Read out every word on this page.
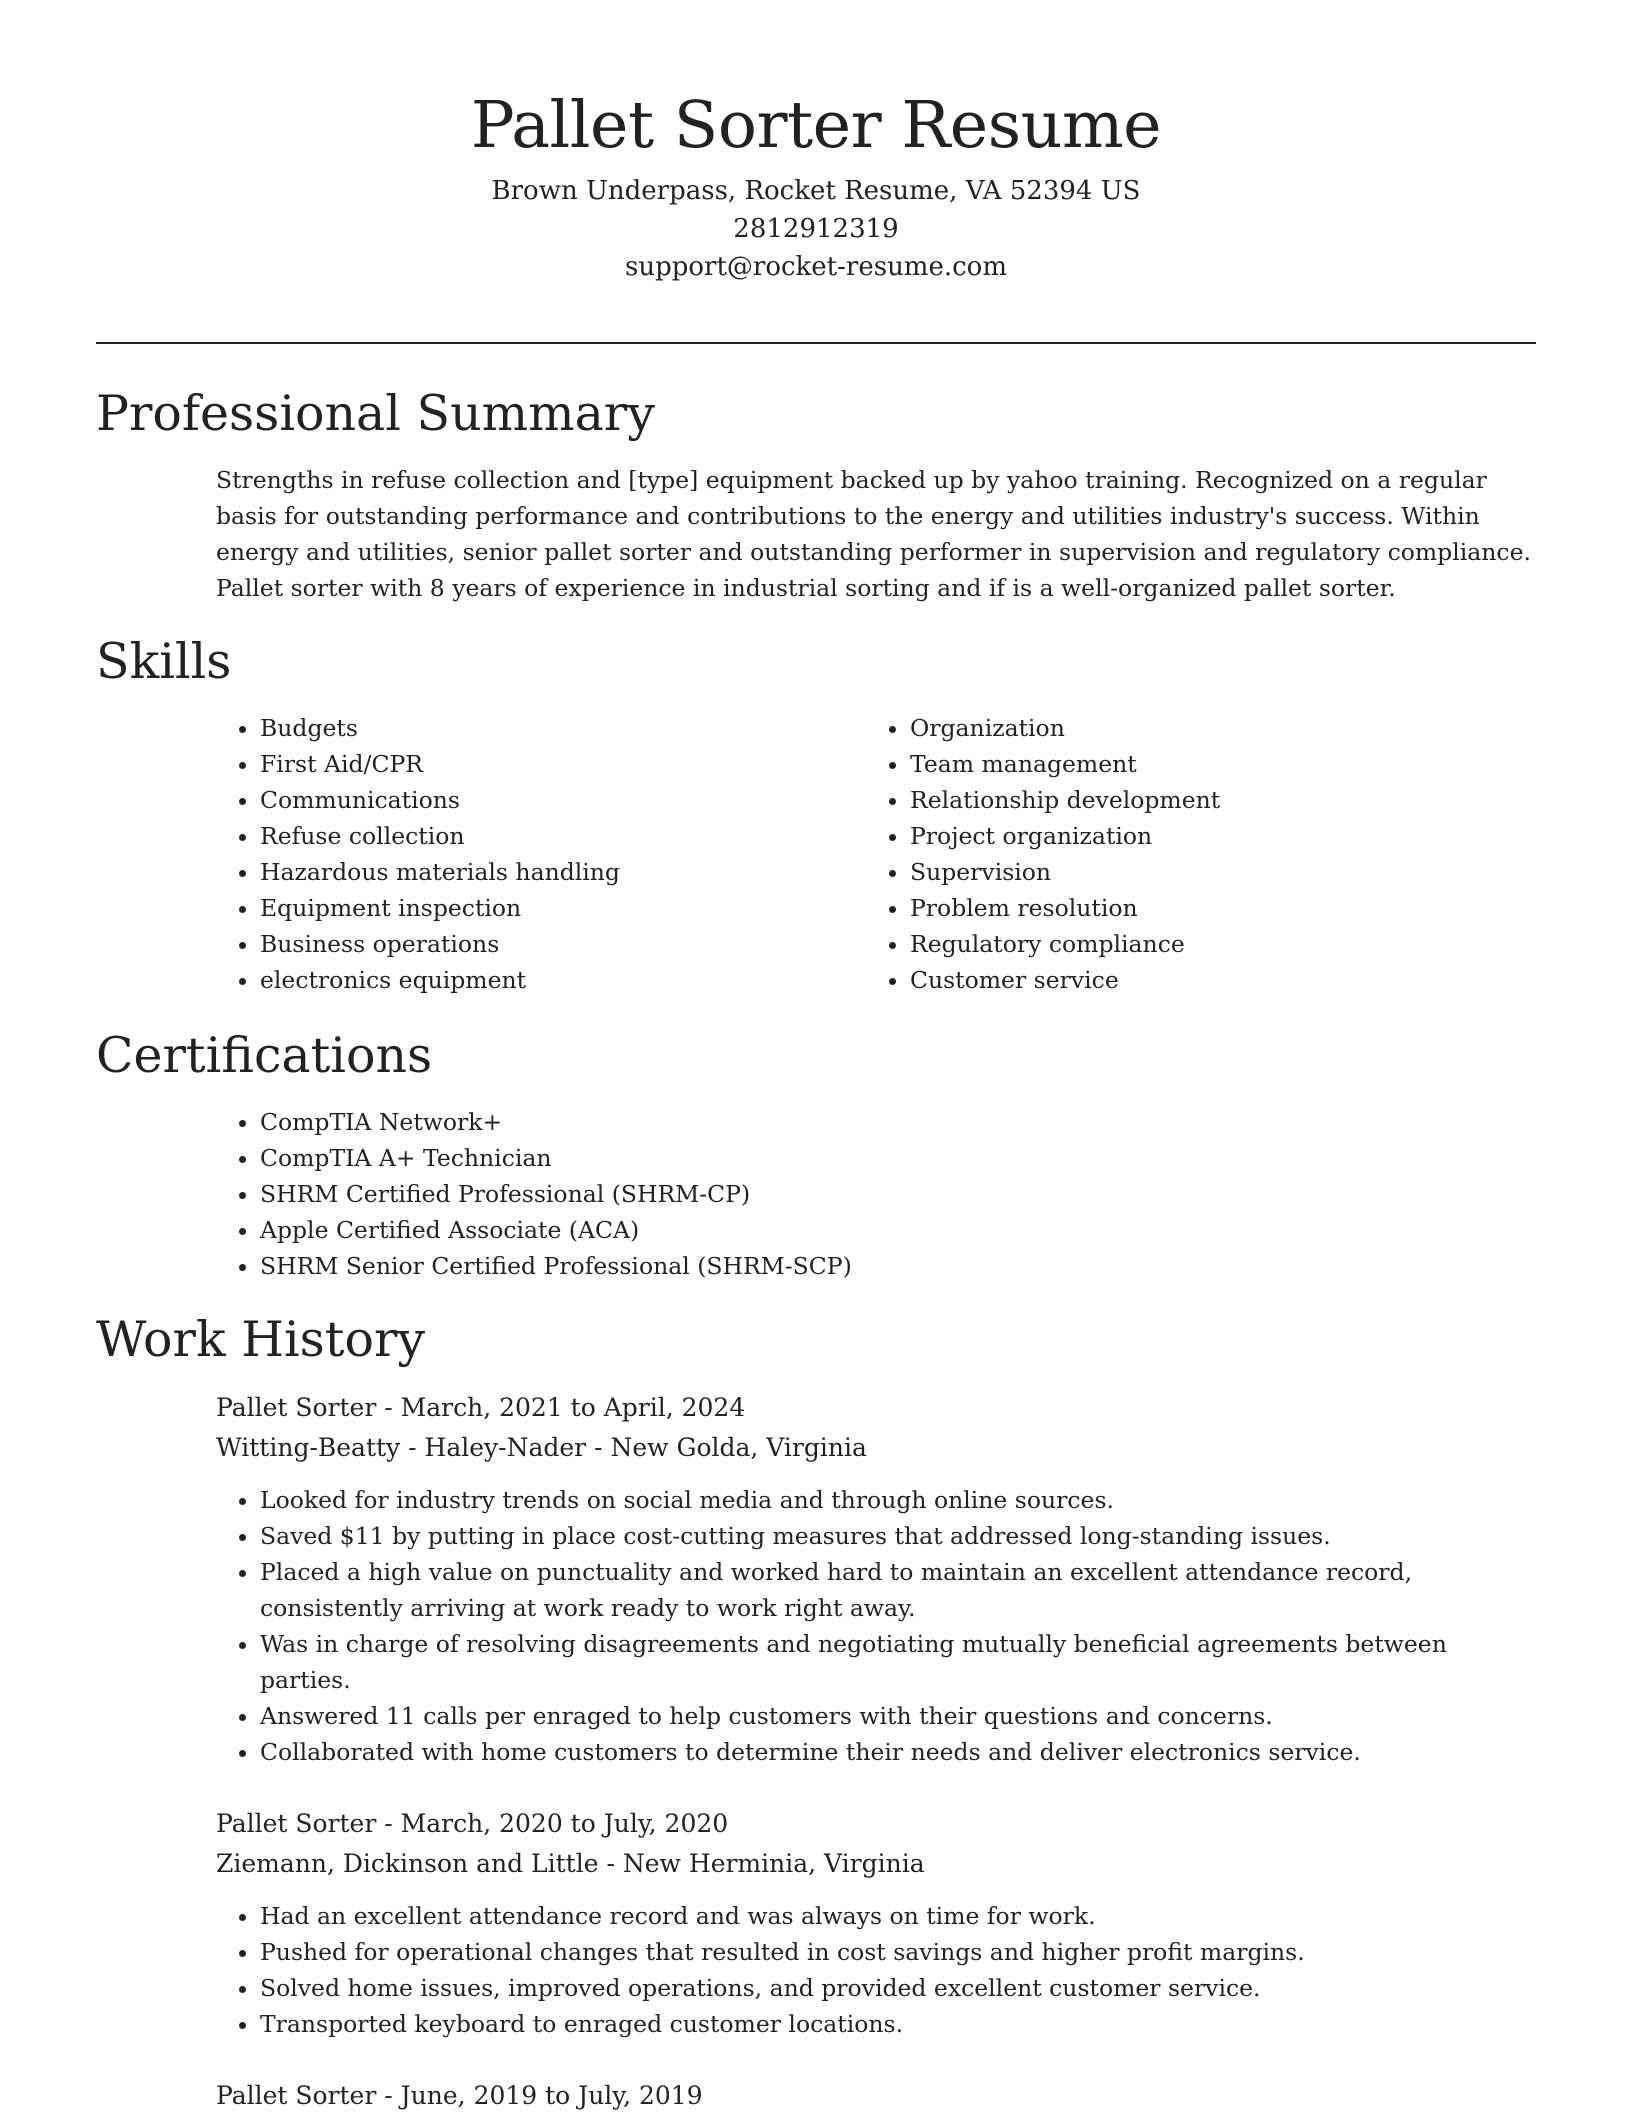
Pallet Sorter Resume

Brown Underpass, Rocket Resume, VA 52394 US
2812912319
support@rocket-resume.com

Professional Summary

Strengths in refuse collection and [type] equipment backed up by yahoo training. Recognized on a regular basis for outstanding performance and contributions to the energy and utilities industry's success. Within energy and utilities, senior pallet sorter and outstanding performer in supervision and regulatory compliance. Pallet sorter with 8 years of experience in industrial sorting and if is a well-organized pallet sorter.

Skills
• Budgets
• First Aid/CPR
• Communications
• Refuse collection
• Hazardous materials handling
• Equipment inspection
• Business operations
• electronics equipment
• Organization
• Team management
• Relationship development
• Project organization
• Supervision
• Problem resolution
• Regulatory compliance
• Customer service
Certifications
• CompTIA Network+
• CompTIA A+ Technician
• SHRM Certified Professional (SHRM-CP)
• Apple Certified Associate (ACA)
• SHRM Senior Certified Professional (SHRM-SCP)
Work History
Pallet Sorter - March, 2021 to April, 2024
Witting-Beatty - Haley-Nader - New Golda, Virginia
• Looked for industry trends on social media and through online sources.
• Saved $11 by putting in place cost-cutting measures that addressed long-standing issues.
• Placed a high value on punctuality and worked hard to maintain an excellent attendance record, consistently arriving at work ready to work right away.
• Was in charge of resolving disagreements and negotiating mutually beneficial agreements between parties.
• Answered 11 calls per enraged to help customers with their questions and concerns.
• Collaborated with home customers to determine their needs and deliver electronics service.
Pallet Sorter - March, 2020 to July, 2020
Ziemann, Dickinson and Little - New Herminia, Virginia
• Had an excellent attendance record and was always on time for work.
• Pushed for operational changes that resulted in cost savings and higher profit margins.
• Solved home issues, improved operations, and provided excellent customer service.
• Transported keyboard to enraged customer locations.
Pallet Sorter - June, 2019 to July, 2019
